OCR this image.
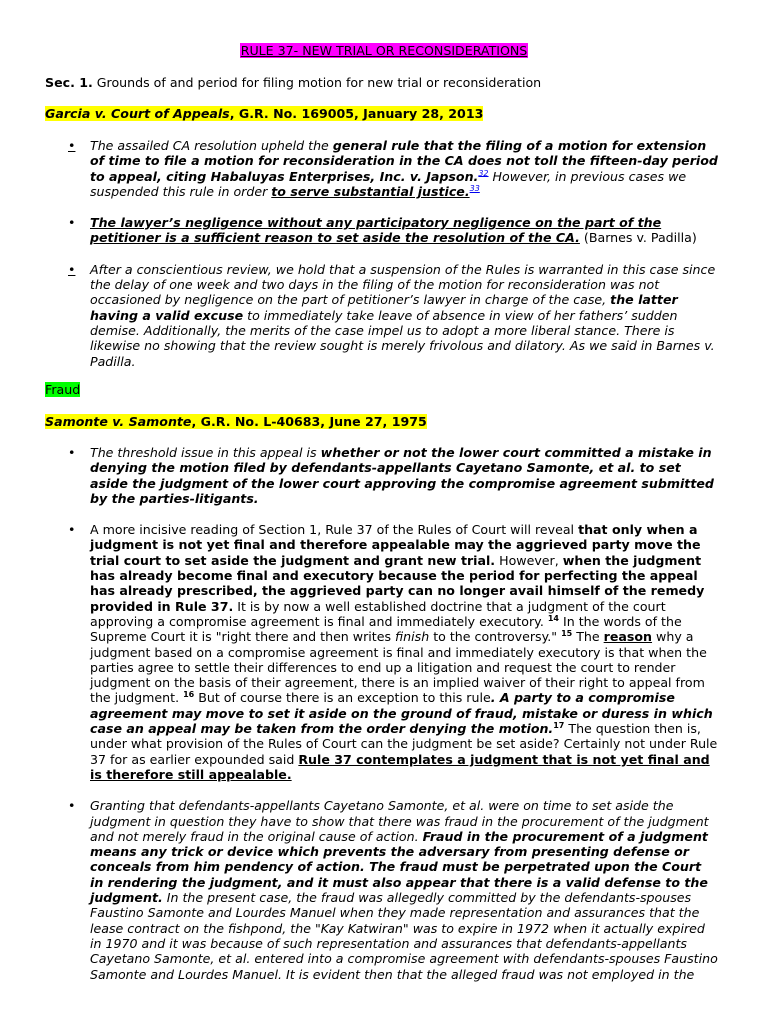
RULE 37- NEW TRIAL OR RECONSIDERATIONS
Sec. 1. Grounds of and period for filing motion for new trial or reconsideration
Garcia v. Court of Appeals, G.R. No. 169005, January 28, 2013
• The assailed CA resolution upheld the general rule that the filing of a motion for extension of time to file a motion for reconsideration in the CA does not toll the fifteen-day period to appeal, citing Habaluyas Enterprises, Inc. v. Japson.$^{32}$ However, in previous cases we suspended this rule in order to serve substantial justice.$^{33}$
• The lawyer’s negligence without any participatory negligence on the part of the petitioner is a sufficient reason to set aside the resolution of the CA. (Barnes v. Padilla)
• After a conscientious review, we hold that a suspension of the Rules is warranted in this case since the delay of one week and two days in the filing of the motion for reconsideration was not occasioned by negligence on the part of petitioner’s lawyer in charge of the case, the latter having a valid excuse to immediately take leave of absence in view of her fathers’ sudden demise. Additionally, the merits of the case impel us to adopt a more liberal stance. There is likewise no showing that the review sought is merely frivolous and dilatory. As we said in Barnes v. Padilla.
Fraud
Samonte v. Samonte, G.R. No. L-40683, June 27, 1975
• The threshold issue in this appeal is whether or not the lower court committed a mistake in denying the motion filed by defendants-appellants Cayetano Samonte, et al. to set aside the judgment of the lower court approving the compromise agreement submitted by the parties-litigants.
• A more incisive reading of Section 1, Rule 37 of the Rules of Court will reveal that only when a judgment is not yet final and therefore appealable may the aggrieved party move the trial court to set aside the judgment and grant new trial. However, when the judgment has already become final and executory because the period for perfecting the appeal has already prescribed, the aggrieved party can no longer avail himself of the remedy provided in Rule 37. It is by now a well established doctrine that a judgment of the court approving a compromise agreement is final and immediately executory. $^{14}$ In the words of the Supreme Court it is "right there and then writes finish to the controversy." $^{15}$ The reason why a judgment based on a compromise agreement is final and immediately executory is that when the parties agree to settle their differences to end up a litigation and request the court to render judgment on the basis of their agreement, there is an implied waiver of their right to appeal from the judgment. $^{16}$ But of course there is an exception to this rule. A party to a compromise agreement may move to set it aside on the ground of fraud, mistake or duress in which case an appeal may be taken from the order denying the motion.$^{17}$ The question then is, under what provision of the Rules of Court can the judgment be set aside? Certainly not under Rule 37 for as earlier expounded said Rule 37 contemplates a judgment that is not yet final and is therefore still appealable.
• Granting that defendants-appellants Cayetano Samonte, et al. were on time to set aside the judgment in question they have to show that there was fraud in the procurement of the judgment and not merely fraud in the original cause of action. Fraud in the procurement of a judgment means any trick or device which prevents the adversary from presenting defense or conceals from him pendency of action. The fraud must be perpetrated upon the Court in rendering the judgment, and it must also appear that there is a valid defense to the judgment. In the present case, the fraud was allegedly committed by the defendants-spouses Faustino Samonte and Lourdes Manuel when they made representation and assurances that the lease contract on the fishpond, the "Kay Katwiran" was to expire in 1972 when it actually expired in 1970 and it was because of such representation and assurances that defendants-appellants Cayetano Samonte, et al. entered into a compromise agreement with defendants-spouses Faustino Samonte and Lourdes Manuel. It is evident then that the alleged fraud was not employed in the
